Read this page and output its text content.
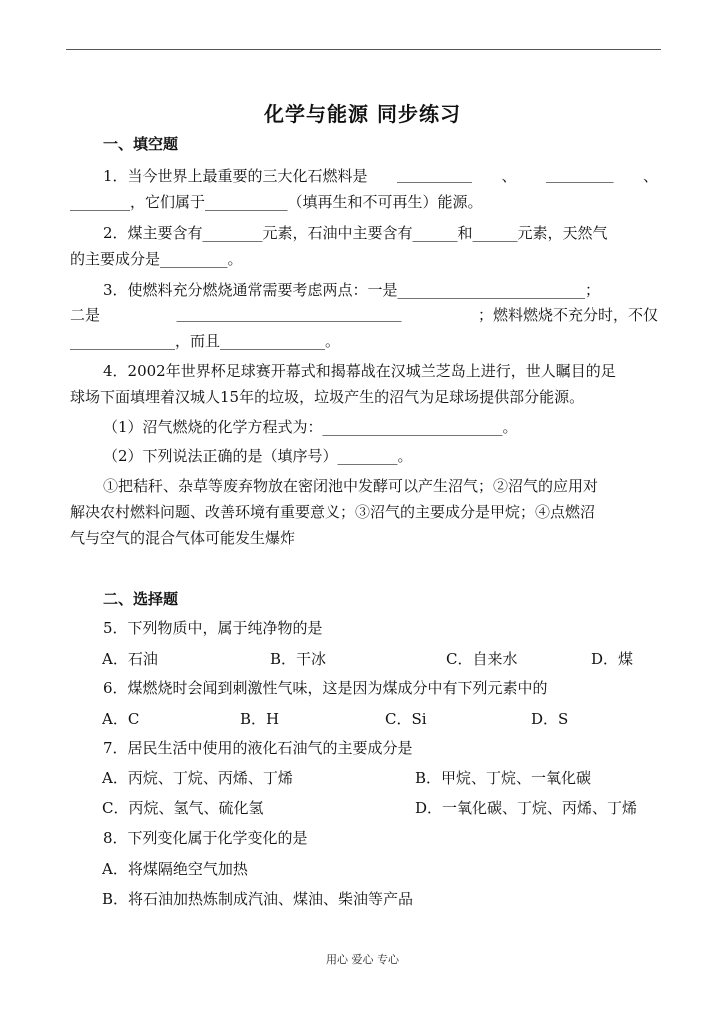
化学与能源 同步练习
一、填空题
1．当今世界上最重要的三大化石燃料是 __________ 、 _________ 、
________，它们属于___________（填再生和不可再生）能源。
2．煤主要含有________元素，石油中主要含有______和______元素，天然气
的主要成分是_________。
3．使燃料充分燃烧通常需要考虑两点：一是_________________________；
二是	______________________________	；燃料燃烧不充分时，不仅
______________，而且______________。
4．2002年世界杯足球赛开幕式和揭幕战在汉城兰芝岛上进行，世人瞩目的足
球场下面填埋着汉城人15年的垃圾，垃圾产生的沼气为足球场提供部分能源。
（1）沼气燃烧的化学方程式为：________________________。
（2）下列说法正确的是（填序号）________。
①把秸秆、杂草等废弃物放在密闭池中发酵可以产生沼气；②沼气的应用对
解决农村燃料问题、改善环境有重要意义；③沼气的主要成分是甲烷；④点燃沼
气与空气的混合气体可能发生爆炸
二、选择题
5．下列物质中，属于纯净物的是
A．石油	B．干冰	C．自来水	D．煤
6．煤燃烧时会闻到刺激性气味，这是因为煤成分中有下列元素中的
A．C	B．H	C．Si	D．S
7．居民生活中使用的液化石油气的主要成分是
A．丙烷、丁烷、丙烯、丁烯	B．甲烷、丁烷、一氧化碳
C．丙烷、氢气、硫化氢	D．一氧化碳、丁烷、丙烯、丁烯
8．下列变化属于化学变化的是
A．将煤隔绝空气加热
B．将石油加热炼制成汽油、煤油、柴油等产品
用心 爱心 专心
